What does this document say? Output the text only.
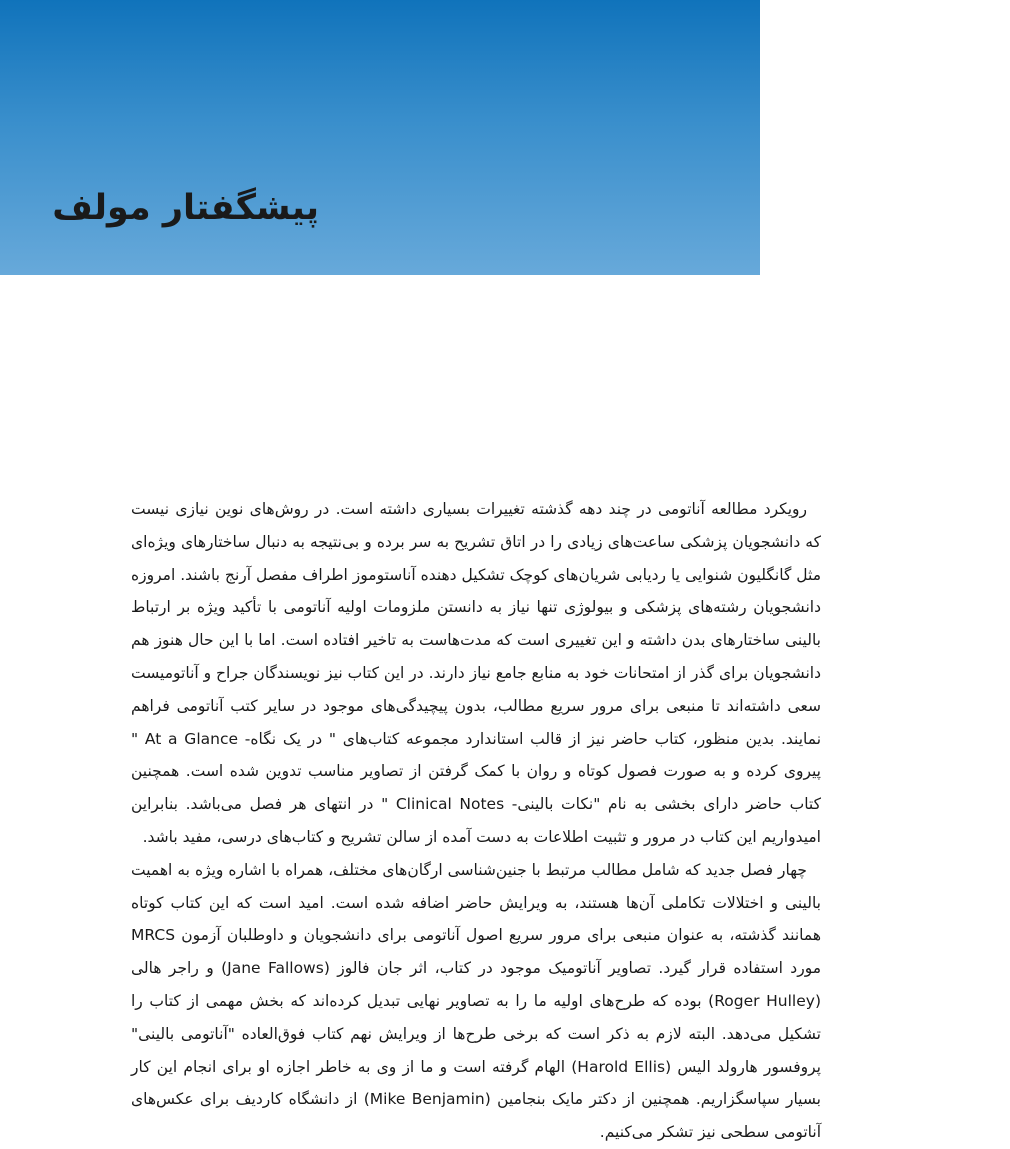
پیشگفتار مولف

رویکرد مطالعه آناتومی در چند دهه گذشته تغییرات بسیاری داشته است. در روش‌های نوین نیازی نیست که دانشجویان پزشکی ساعت‌های زیادی را در اتاق تشریح به سر برده و بی‌نتیجه به دنبال ساختارهای ویژه‌ای مثل گانگلیون شنوایی یا ردیابی شریان‌های کوچک تشکیل دهنده آناستوموز اطراف مفصل آرنج باشند. امروزه دانشجویان رشته‌های پزشکی و بیولوژی تنها نیاز به دانستن ملزومات اولیه آناتومی با تأکید ویژه بر ارتباط بالینی ساختارهای بدن داشته و این تغییری است که مدت‌هاست به تاخیر افتاده است. اما با این حال هنوز هم دانشجویان برای گذر از امتحانات خود به منابع جامع نیاز دارند. در این کتاب نیز نویسندگان جراح و آناتومیست سعی داشته‌اند تا منبعی برای مرور سریع مطالب، بدون پیچیدگی‌های موجود در سایر کتب آناتومی فراهم نمایند. بدین منظور، کتاب حاضر نیز از قالب استاندارد مجموعه کتاب‌های " در یک نگاه- At a Glance " پیروی کرده و به صورت فصول کوتاه و روان با کمک گرفتن از تصاویر مناسب تدوین شده است. همچنین کتاب حاضر دارای بخشی به نام "نکات بالینی- Clinical Notes " در انتهای هر فصل می‌باشد. بنابراین امیدواریم این کتاب در مرور و تثبیت اطلاعات به دست آمده از سالن تشریح و کتاب‌های درسی، مفید باشد.

چهار فصل جدید که شامل مطالب مرتبط با جنین‌شناسی ارگان‌های مختلف، همراه با اشاره ویژه به اهمیت بالینی و اختلالات تکاملی آن‌ها هستند، به ویرایش حاضر اضافه شده است. امید است که این کتاب کوتاه همانند گذشته، به عنوان منبعی برای مرور سریع اصول آناتومی برای دانشجویان و داوطلبان آزمون MRCS مورد استفاده قرار گیرد. تصاویر آناتومیک موجود در کتاب، اثر جان فالوز (Jane Fallows) و راجر هالی (Roger Hulley) بوده که طرح‌های اولیه ما را به تصاویر نهایی تبدیل کرده‌اند که بخش مهمی از کتاب را تشکیل می‌دهد. البته لازم به ذکر است که برخی طرح‌ها از ویرایش نهم کتاب فوق‌العاده "آناتومی بالینی" پروفسور هارولد الیس (Harold Ellis) الهام گرفته است و ما از وی به خاطر اجازه او برای انجام این کار بسیار سپاسگزاریم. همچنین از دکتر مایک بنجامین (Mike Benjamin) از دانشگاه کاردیف برای عکس‌های آناتومی سطحی نیز تشکر می‌کنیم.
